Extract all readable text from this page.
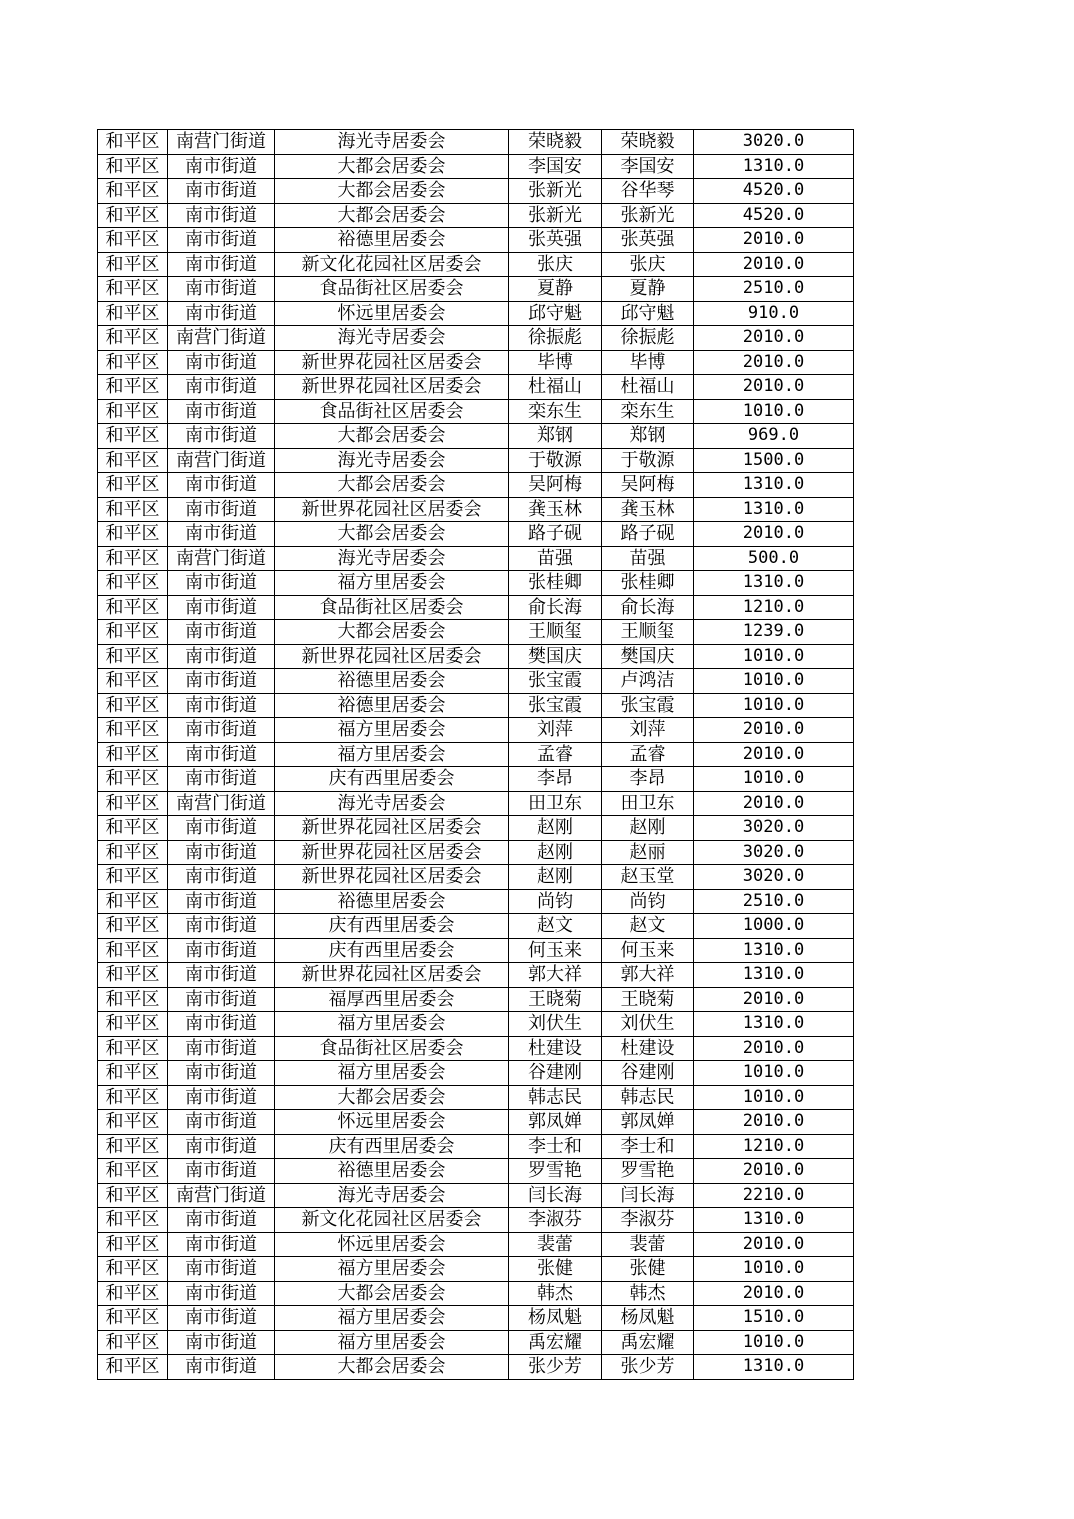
和平区	南营门街道	海光寺居委会	荣晓毅	荣晓毅	3020.0
和平区	南市街道	大都会居委会	李国安	李国安	1310.0
和平区	南市街道	大都会居委会	张新光	谷华琴	4520.0
和平区	南市街道	大都会居委会	张新光	张新光	4520.0
和平区	南市街道	裕德里居委会	张英强	张英强	2010.0
和平区	南市街道	新文化花园社区居委会	张庆	张庆	2010.0
和平区	南市街道	食品街社区居委会	夏静	夏静	2510.0
和平区	南市街道	怀远里居委会	邱守魁	邱守魁	910.0
和平区	南营门街道	海光寺居委会	徐振彪	徐振彪	2010.0
和平区	南市街道	新世界花园社区居委会	毕博	毕博	2010.0
和平区	南市街道	新世界花园社区居委会	杜福山	杜福山	2010.0
和平区	南市街道	食品街社区居委会	栾东生	栾东生	1010.0
和平区	南市街道	大都会居委会	郑钢	郑钢	969.0
和平区	南营门街道	海光寺居委会	于敬源	于敬源	1500.0
和平区	南市街道	大都会居委会	吴阿梅	吴阿梅	1310.0
和平区	南市街道	新世界花园社区居委会	龚玉林	龚玉林	1310.0
和平区	南市街道	大都会居委会	路子砚	路子砚	2010.0
和平区	南营门街道	海光寺居委会	苗强	苗强	500.0
和平区	南市街道	福方里居委会	张桂卿	张桂卿	1310.0
和平区	南市街道	食品街社区居委会	俞长海	俞长海	1210.0
和平区	南市街道	大都会居委会	王顺玺	王顺玺	1239.0
和平区	南市街道	新世界花园社区居委会	樊国庆	樊国庆	1010.0
和平区	南市街道	裕德里居委会	张宝霞	卢鸿洁	1010.0
和平区	南市街道	裕德里居委会	张宝霞	张宝霞	1010.0
和平区	南市街道	福方里居委会	刘萍	刘萍	2010.0
和平区	南市街道	福方里居委会	孟睿	孟睿	2010.0
和平区	南市街道	庆有西里居委会	李昂	李昂	1010.0
和平区	南营门街道	海光寺居委会	田卫东	田卫东	2010.0
和平区	南市街道	新世界花园社区居委会	赵刚	赵刚	3020.0
和平区	南市街道	新世界花园社区居委会	赵刚	赵丽	3020.0
和平区	南市街道	新世界花园社区居委会	赵刚	赵玉堂	3020.0
和平区	南市街道	裕德里居委会	尚钧	尚钧	2510.0
和平区	南市街道	庆有西里居委会	赵文	赵文	1000.0
和平区	南市街道	庆有西里居委会	何玉来	何玉来	1310.0
和平区	南市街道	新世界花园社区居委会	郭大祥	郭大祥	1310.0
和平区	南市街道	福厚西里居委会	王晓菊	王晓菊	2010.0
和平区	南市街道	福方里居委会	刘伏生	刘伏生	1310.0
和平区	南市街道	食品街社区居委会	杜建设	杜建设	2010.0
和平区	南市街道	福方里居委会	谷建刚	谷建刚	1010.0
和平区	南市街道	大都会居委会	韩志民	韩志民	1010.0
和平区	南市街道	怀远里居委会	郭凤婵	郭凤婵	2010.0
和平区	南市街道	庆有西里居委会	李士和	李士和	1210.0
和平区	南市街道	裕德里居委会	罗雪艳	罗雪艳	2010.0
和平区	南营门街道	海光寺居委会	闫长海	闫长海	2210.0
和平区	南市街道	新文化花园社区居委会	李淑芬	李淑芬	1310.0
和平区	南市街道	怀远里居委会	裴蕾	裴蕾	2010.0
和平区	南市街道	福方里居委会	张健	张健	1010.0
和平区	南市街道	大都会居委会	韩杰	韩杰	2010.0
和平区	南市街道	福方里居委会	杨凤魁	杨凤魁	1510.0
和平区	南市街道	福方里居委会	禹宏耀	禹宏耀	1010.0
和平区	南市街道	大都会居委会	张少芳	张少芳	1310.0
